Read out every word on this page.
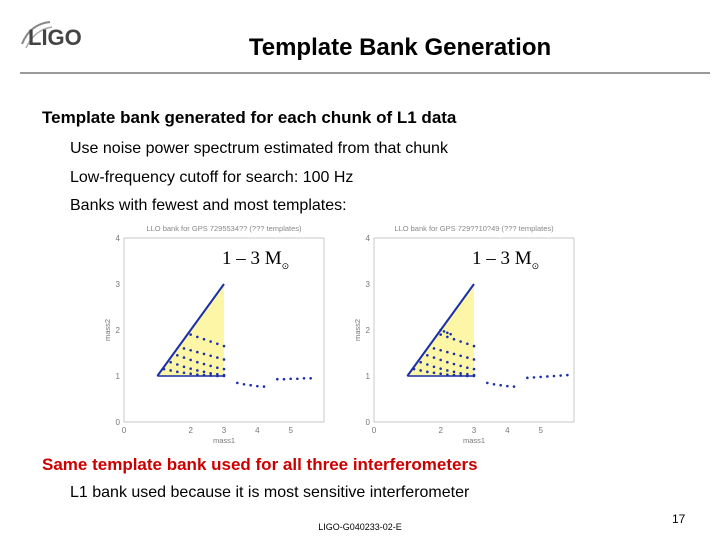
LIGO	Template Bank Generation
Template bank generated for each chunk of L1 data
Use noise power spectrum estimated from that chunk
Low-frequency cutoff for search: 100 Hz
Banks with fewest and most templates:
LLO bank for GPS 7295534?? (??? templates)
4
3
2
1
0
0	2	3	4	5
mass1
mass2
1 – 3 $M_⊙$
LLO bank for GPS 729??10?49 (??? templates)
4
3
2
1
0
0	2	3	4	5
mass1
mass2
1 – 3 $M_⊙$
Same template bank used for all three interferometers
L1 bank used because it is most sensitive interferometer
LIGO-G040233-02-E
17
